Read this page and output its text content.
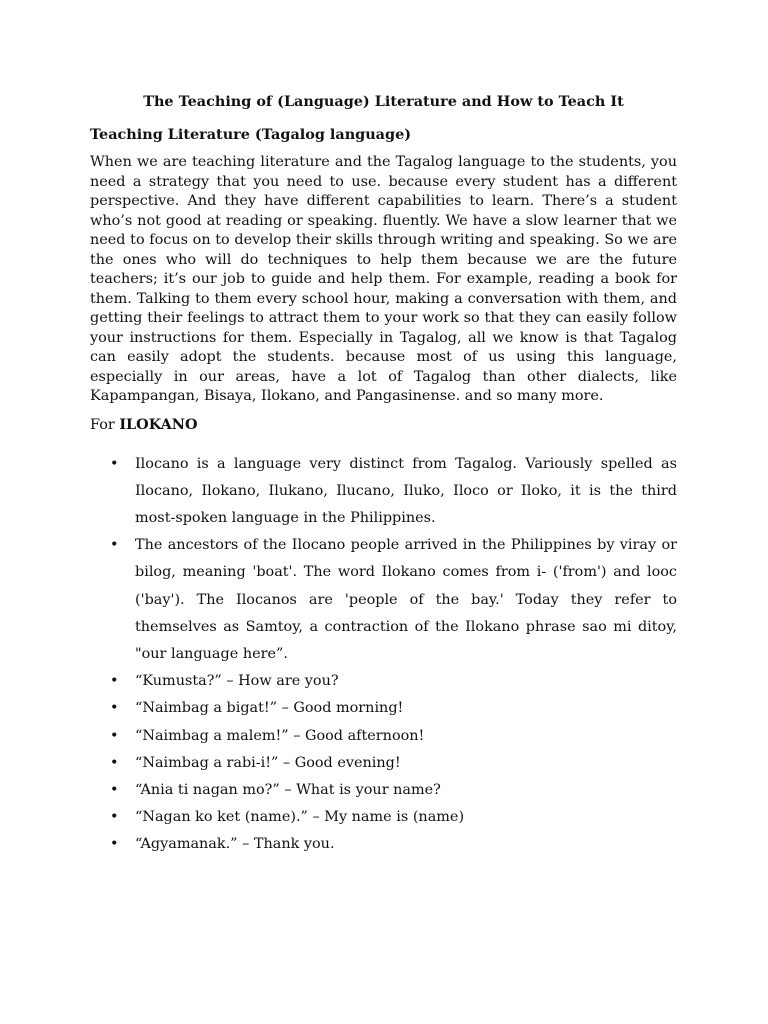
The Teaching of (Language) Literature and How to Teach It
Teaching Literature (Tagalog language)

When we are teaching literature and the Tagalog language to the students, you need a strategy that you need to use. because every student has a different perspective. And they have different capabilities to learn. There’s a student who’s not good at reading or speaking. fluently. We have a slow learner that we need to focus on to develop their skills through writing and speaking. So we are the ones who will do techniques to help them because we are the future teachers; it’s our job to guide and help them. For example, reading a book for them. Talking to them every school hour, making a conversation with them, and getting their feelings to attract them to your work so that they can easily follow your instructions for them. Especially in Tagalog, all we know is that Tagalog can easily adopt the students. because most of us using this language, especially in our areas, have a lot of Tagalog than other dialects, like Kapampangan, Bisaya, Ilokano, and Pangasinense. and so many more.

For ILOKANO

• Ilocano is a language very distinct from Tagalog. Variously spelled as Ilocano, Ilokano, Ilukano, Ilucano, Iluko, Iloco or Iloko, it is the third most-spoken language in the Philippines.
• The ancestors of the Ilocano people arrived in the Philippines by viray or bilog, meaning 'boat'. The word Ilokano comes from i- ('from') and looc ('bay'). The Ilocanos are 'people of the bay.' Today they refer to themselves as Samtoy, a contraction of the Ilokano phrase sao mi ditoy, "our language here”.
• “Kumusta?” – How are you?
• “Naimbag a bigat!” – Good morning!
• “Naimbag a malem!” – Good afternoon!
• “Naimbag a rabi-i!” – Good evening!
• “Ania ti nagan mo?” – What is your name?
• “Nagan ko ket (name).” – My name is (name)
• “Agyamanak.” – Thank you.
